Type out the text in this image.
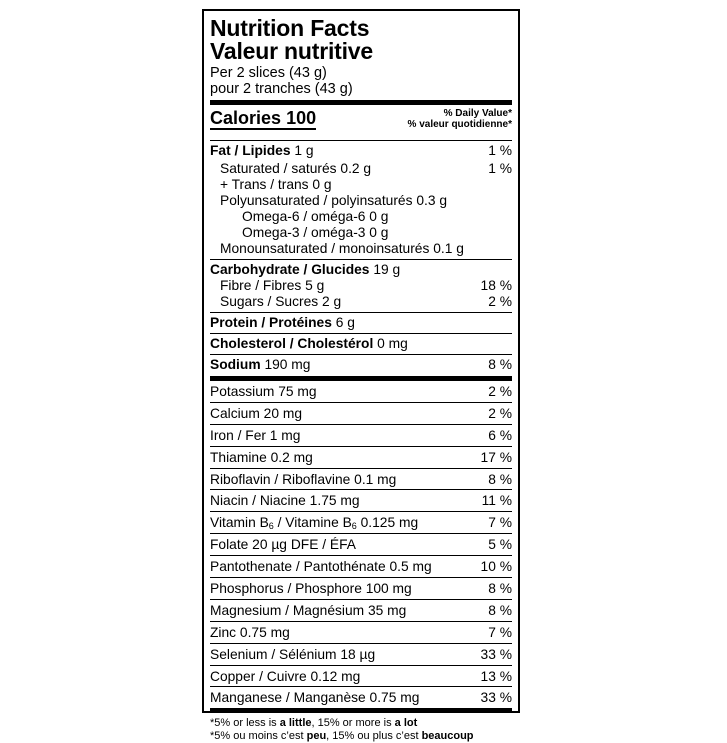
Nutrition Facts
Valeur nutritive
Per 2 slices (43 g)
pour 2 tranches (43 g)
Calories 100	% Daily Value*
% valeur quotidienne*
Fat / Lipides 1 g	1 %
Saturated / saturés 0.2 g	1 %
+ Trans / trans 0 g
Polyunsaturated / polyinsaturés 0.3 g
Omega-6 / oméga-6 0 g
Omega-3 / oméga-3 0 g
Monounsaturated / monoinsaturés 0.1 g
Carbohydrate / Glucides 19 g
Fibre / Fibres 5 g	18 %
Sugars / Sucres 2 g	2 %
Protein / Protéines 6 g
Cholesterol / Cholestérol 0 mg
Sodium 190 mg	8 %
Potassium 75 mg	2 %
Calcium 20 mg	2 %
Iron / Fer 1 mg	6 %
Thiamine 0.2 mg	17 %
Riboflavin / Riboflavine 0.1 mg	8 %
Niacin / Niacine 1.75 mg	11 %
Vitamin $B_6$ / Vitamine $B_6$ 0.125 mg	7 %
Folate 20 µg DFE / ÉFA	5 %
Pantothenate / Pantothénate 0.5 mg	10 %
Phosphorus / Phosphore 100 mg	8 %
Magnesium / Magnésium 35 mg	8 %
Zinc 0.75 mg	7 %
Selenium / Sélénium 18 µg	33 %
Copper / Cuivre 0.12 mg	13 %
Manganese / Manganèse 0.75 mg	33 %
*5% or less is a little, 15% or more is a lot
*5% ou moins c’est peu, 15% ou plus c’est beaucoup
